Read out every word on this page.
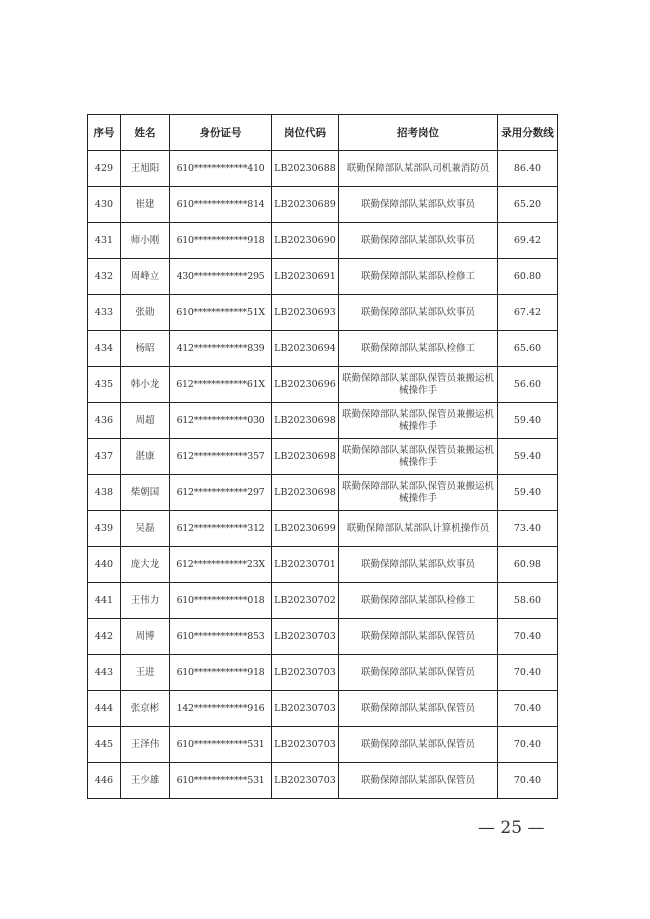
序号	姓名	身份证号	岗位代码	招考岗位	录用分数线
429	王旭阳	610************410	LB20230688	联勤保障部队某部队司机兼消防员	86.40
430	崔建	610************814	LB20230689	联勤保障部队某部队炊事员	65.20
431	师小刚	610************918	LB20230690	联勤保障部队某部队炊事员	69.42
432	周峰立	430************295	LB20230691	联勤保障部队某部队检修工	60.80
433	张勋	610************51X	LB20230693	联勤保障部队某部队炊事员	67.42
434	杨昭	412************839	LB20230694	联勤保障部队某部队检修工	65.60
435	韩小龙	612************61X	LB20230696	联勤保障部队某部队保管员兼搬运机械操作手	56.60
436	周超	612************030	LB20230698	联勤保障部队某部队保管员兼搬运机械操作手	59.40
437	湛康	612************357	LB20230698	联勤保障部队某部队保管员兼搬运机械操作手	59.40
438	柴朝国	612************297	LB20230698	联勤保障部队某部队保管员兼搬运机械操作手	59.40
439	吴磊	612************312	LB20230699	联勤保障部队某部队计算机操作员	73.40
440	庞大龙	612************23X	LB20230701	联勤保障部队某部队炊事员	60.98
441	王伟力	610************018	LB20230702	联勤保障部队某部队检修工	58.60
442	周博	610************853	LB20230703	联勤保障部队某部队保管员	70.40
443	王进	610************918	LB20230703	联勤保障部队某部队保管员	70.40
444	张京彬	142************916	LB20230703	联勤保障部队某部队保管员	70.40
445	王泽伟	610************531	LB20230703	联勤保障部队某部队保管员	70.40
446	王少雄	610************531	LB20230703	联勤保障部队某部队保管员	70.40
— 25 —
